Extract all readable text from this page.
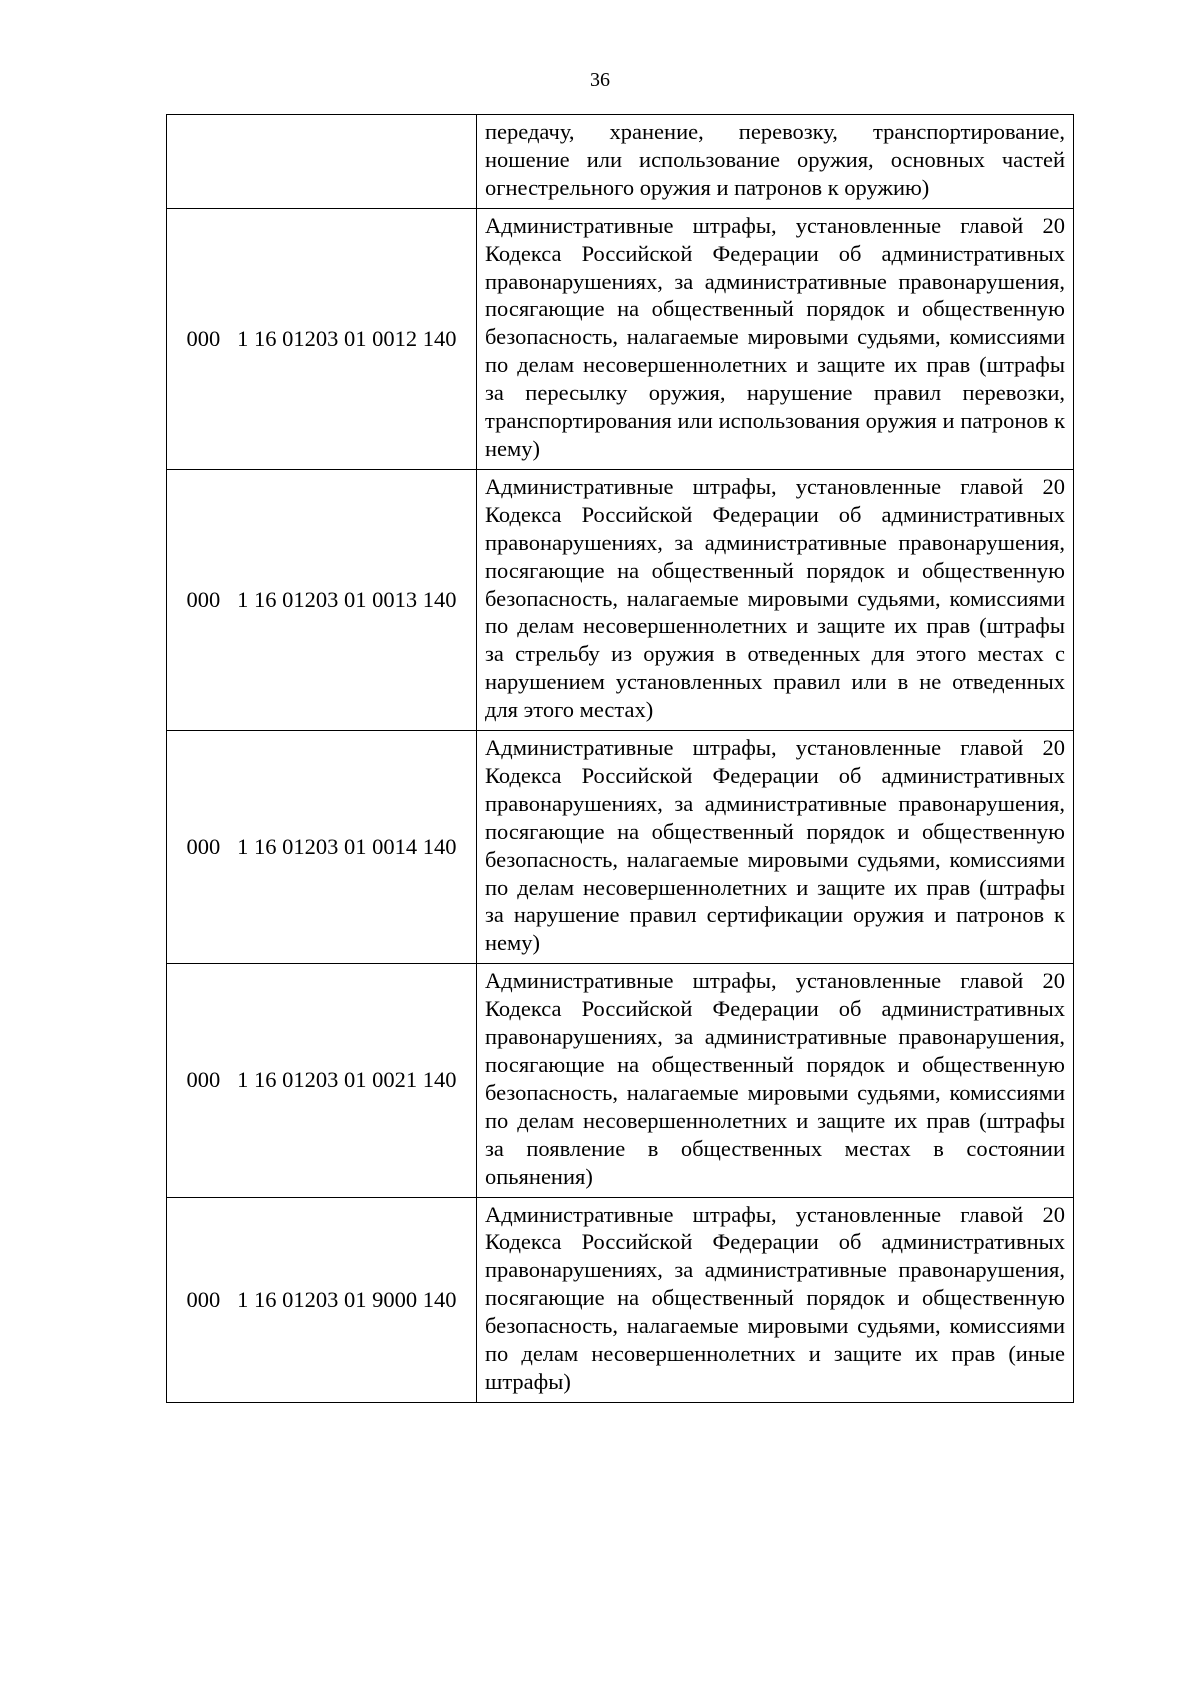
36
	передачу, хранение, перевозку, транспортирование, ношение или использование оружия, основных частей огнестрельного оружия и патронов к оружию)
000   1 16 01203 01 0012 140	Административные штрафы, установленные главой 20 Кодекса Российской Федерации об административных правонарушениях, за административные правонарушения, посягающие на общественный порядок и общественную безопасность, налагаемые мировыми судьями, комиссиями по делам несовершеннолетних и защите их прав (штрафы за пересылку оружия, нарушение правил перевозки, транспортирования или использования оружия и патронов к нему)
000   1 16 01203 01 0013 140	Административные штрафы, установленные главой 20 Кодекса Российской Федерации об административных правонарушениях, за административные правонарушения, посягающие на общественный порядок и общественную безопасность, налагаемые мировыми судьями, комиссиями по делам несовершеннолетних и защите их прав (штрафы за стрельбу из оружия в отведенных для этого местах с нарушением установленных правил или в не отведенных для этого местах)
000   1 16 01203 01 0014 140	Административные штрафы, установленные главой 20 Кодекса Российской Федерации об административных правонарушениях, за административные правонарушения, посягающие на общественный порядок и общественную безопасность, налагаемые мировыми судьями, комиссиями по делам несовершеннолетних и защите их прав (штрафы за нарушение правил сертификации оружия и патронов к нему)
000   1 16 01203 01 0021 140	Административные штрафы, установленные главой 20 Кодекса Российской Федерации об административных правонарушениях, за административные правонарушения, посягающие на общественный порядок и общественную безопасность, налагаемые мировыми судьями, комиссиями по делам несовершеннолетних и защите их прав (штрафы за появление в общественных местах в состоянии опьянения)
000   1 16 01203 01 9000 140	Административные штрафы, установленные главой 20 Кодекса Российской Федерации об административных правонарушениях, за административные правонарушения, посягающие на общественный порядок и общественную безопасность, налагаемые мировыми судьями, комиссиями по делам несовершеннолетних и защите их прав (иные штрафы)
